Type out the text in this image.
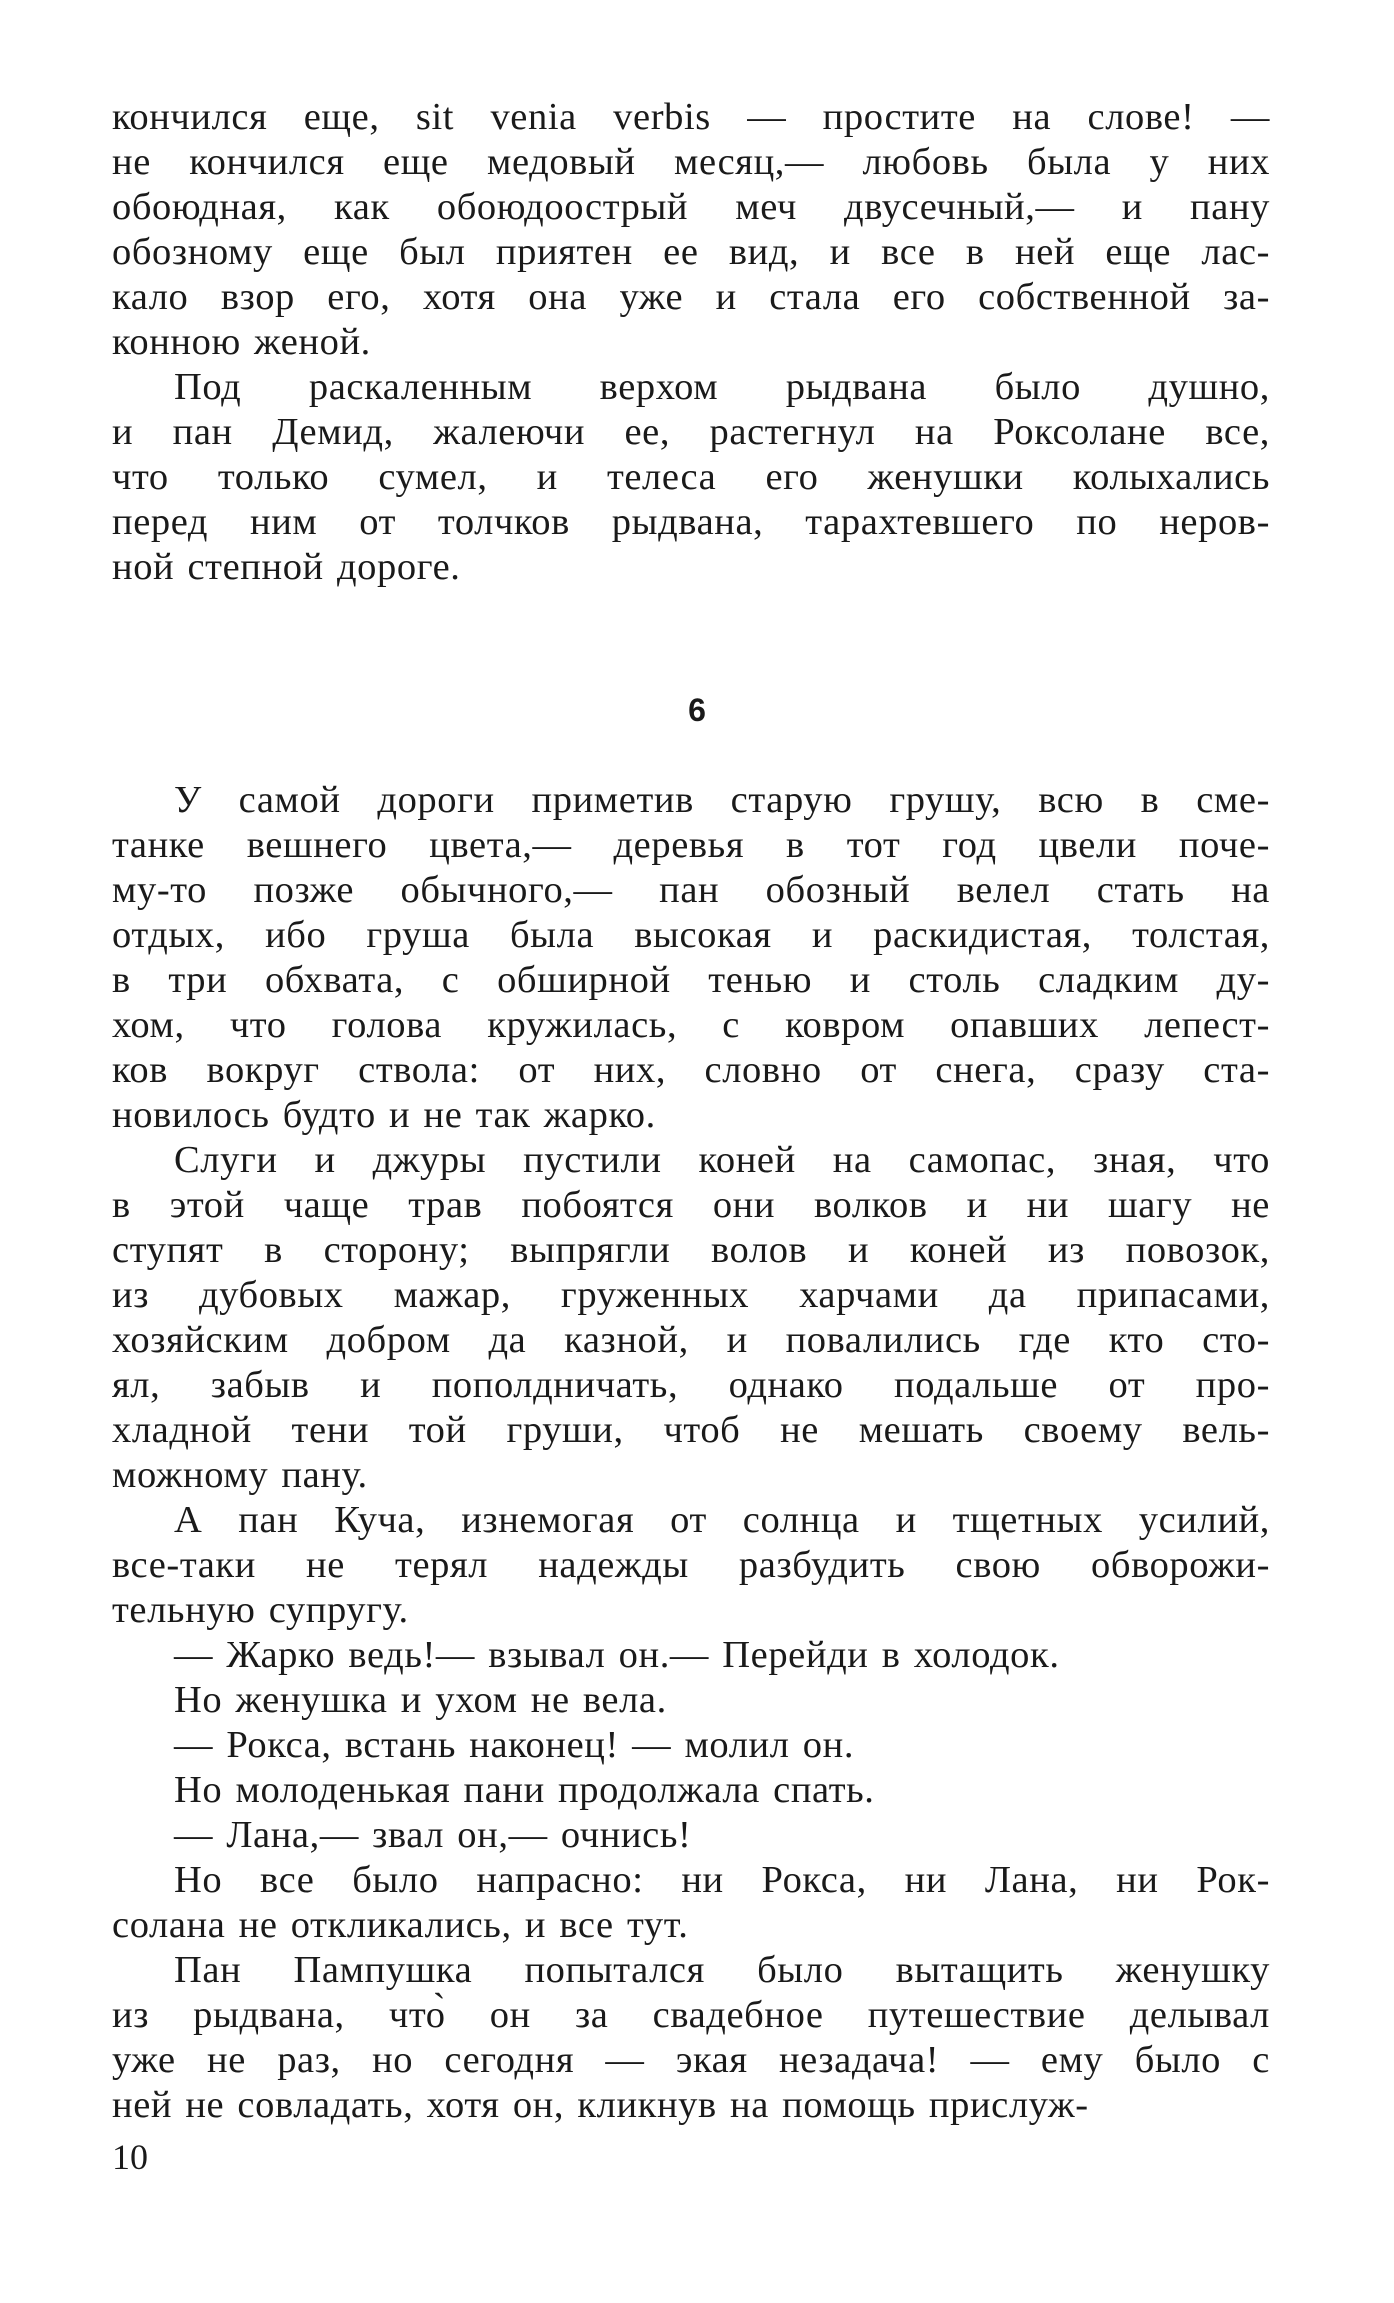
кончился еще, sit venia verbis — простите на слове! —
не кончился еще медовый месяц,— любовь была у них
обоюдная, как обоюдоострый меч двусечный,— и пану
обозному еще был приятен ее вид, и все в ней еще лас-
кало взор его, хотя она уже и стала его собственной за-
конною женой.
Под раскаленным верхом рыдвана было душно,
и пан Демид, жалеючи ее, растегнул на Роксолане все,
что только сумел, и телеса его женушки колыхались
перед ним от толчков рыдвана, тарахтевшего по неров-
ной степной дороге.
6
У самой дороги приметив старую грушу, всю в сме-
танке вешнего цвета,— деревья в тот год цвели поче-
му-то позже обычного,— пан обозный велел стать на
отдых, ибо груша была высокая и раскидистая, толстая,
в три обхвата, с обширной тенью и столь сладким ду-
хом, что голова кружилась, с ковром опавших лепест-
ков вокруг ствола: от них, словно от снега, сразу ста-
новилось будто и не так жарко.
Слуги и джуры пустили коней на самопас, зная, что
в этой чаще трав побоятся они волков и ни шагу не
ступят в сторону; выпрягли волов и коней из повозок,
из дубовых мажар, груженных харчами да припасами,
хозяйским добром да казной, и повалились где кто сто-
ял, забыв и пополдничать, однако подальше от про-
хладной тени той груши, чтоб не мешать своему вель-
можному пану.
А пан Куча, изнемогая от солнца и тщетных усилий,
все-таки не терял надежды разбудить свою обворожи-
тельную супругу.
— Жарко ведь!— взывал он.— Перейди в холодок.
Но женушка и ухом не вела.
— Рокса, встань наконец! — молил он.
Но молоденькая пани продолжала спать.
— Лана,— звал он,— очнись!
Но все было напрасно: ни Рокса, ни Лана, ни Рок-
солана не откликались, и все тут.
Пан Пампушка попытался было вытащить женушку
из рыдвана, что̀ он за свадебное путешествие делывал
уже не раз, но сегодня — экая незадача! — ему было с
ней не совладать, хотя он, кликнув на помощь прислуж-
10
